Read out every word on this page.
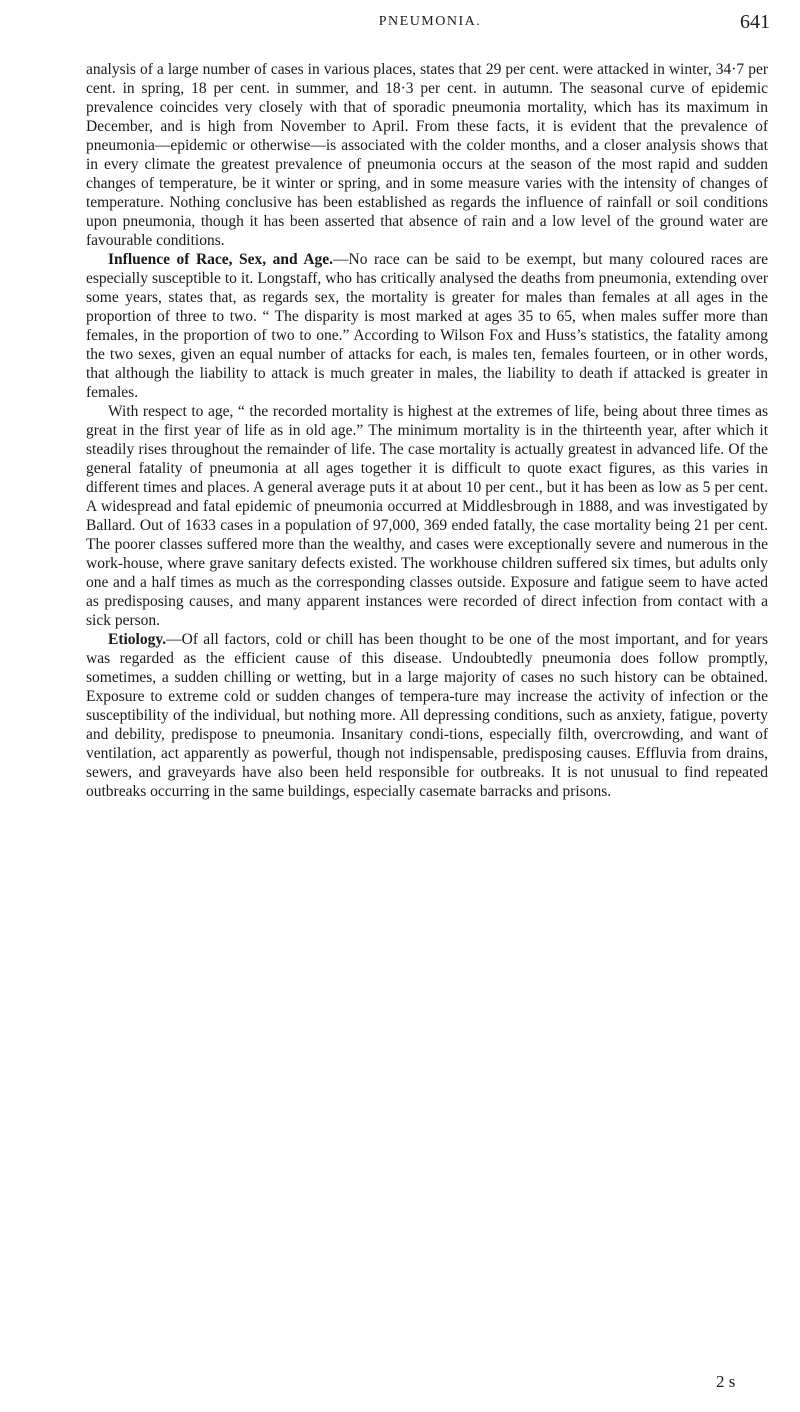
PNEUMONIA.	641

analysis of a large number of cases in various places, states that 29 per cent. were attacked in winter, 34·7 per cent. in spring, 18 per cent. in summer, and 18·3 per cent. in autumn. The seasonal curve of epidemic prevalence coincides very closely with that of sporadic pneumonia mortality, which has its maximum in December, and is high from November to April. From these facts, it is evident that the prevalence of pneumonia—epidemic or otherwise—is associated with the colder months, and a closer analysis shows that in every climate the greatest prevalence of pneumonia occurs at the season of the most rapid and sudden changes of temperature, be it winter or spring, and in some measure varies with the intensity of changes of temperature. Nothing conclusive has been established as regards the influence of rainfall or soil conditions upon pneumonia, though it has been asserted that absence of rain and a low level of the ground water are favourable conditions.

Influence of Race, Sex, and Age.—No race can be said to be exempt, but many coloured races are especially susceptible to it. Longstaff, who has critically analysed the deaths from pneumonia, extending over some years, states that, as regards sex, the mortality is greater for males than females at all ages in the proportion of three to two. “ The disparity is most marked at ages 35 to 65, when males suffer more than females, in the proportion of two to one.” According to Wilson Fox and Huss’s statistics, the fatality among the two sexes, given an equal number of attacks for each, is males ten, females fourteen, or in other words, that although the liability to attack is much greater in males, the liability to death if attacked is greater in females.

With respect to age, “ the recorded mortality is highest at the extremes of life, being about three times as great in the first year of life as in old age.” The minimum mortality is in the thirteenth year, after which it steadily rises throughout the remainder of life. The case mortality is actually greatest in advanced life. Of the general fatality of pneumonia at all ages together it is difficult to quote exact figures, as this varies in different times and places. A general average puts it at about 10 per cent., but it has been as low as 5 per cent. A widespread and fatal epidemic of pneumonia occurred at Middlesbrough in 1888, and was investigated by Ballard. Out of 1633 cases in a population of 97,000, 369 ended fatally, the case mortality being 21 per cent. The poorer classes suffered more than the wealthy, and cases were exceptionally severe and numerous in the work-house, where grave sanitary defects existed. The workhouse children suffered six times, but adults only one and a half times as much as the corresponding classes outside. Exposure and fatigue seem to have acted as predisposing causes, and many apparent instances were recorded of direct infection from contact with a sick person.

Etiology.—Of all factors, cold or chill has been thought to be one of the most important, and for years was regarded as the efficient cause of this disease. Undoubtedly pneumonia does follow promptly, sometimes, a sudden chilling or wetting, but in a large majority of cases no such history can be obtained. Exposure to extreme cold or sudden changes of tempera-ture may increase the activity of infection or the susceptibility of the individual, but nothing more. All depressing conditions, such as anxiety, fatigue, poverty and debility, predispose to pneumonia. Insanitary condi-tions, especially filth, overcrowding, and want of ventilation, act apparently as powerful, though not indispensable, predisposing causes. Effluvia from drains, sewers, and graveyards have also been held responsible for outbreaks. It is not unusual to find repeated outbreaks occurring in the same buildings, especially casemate barracks and prisons.

2 s
